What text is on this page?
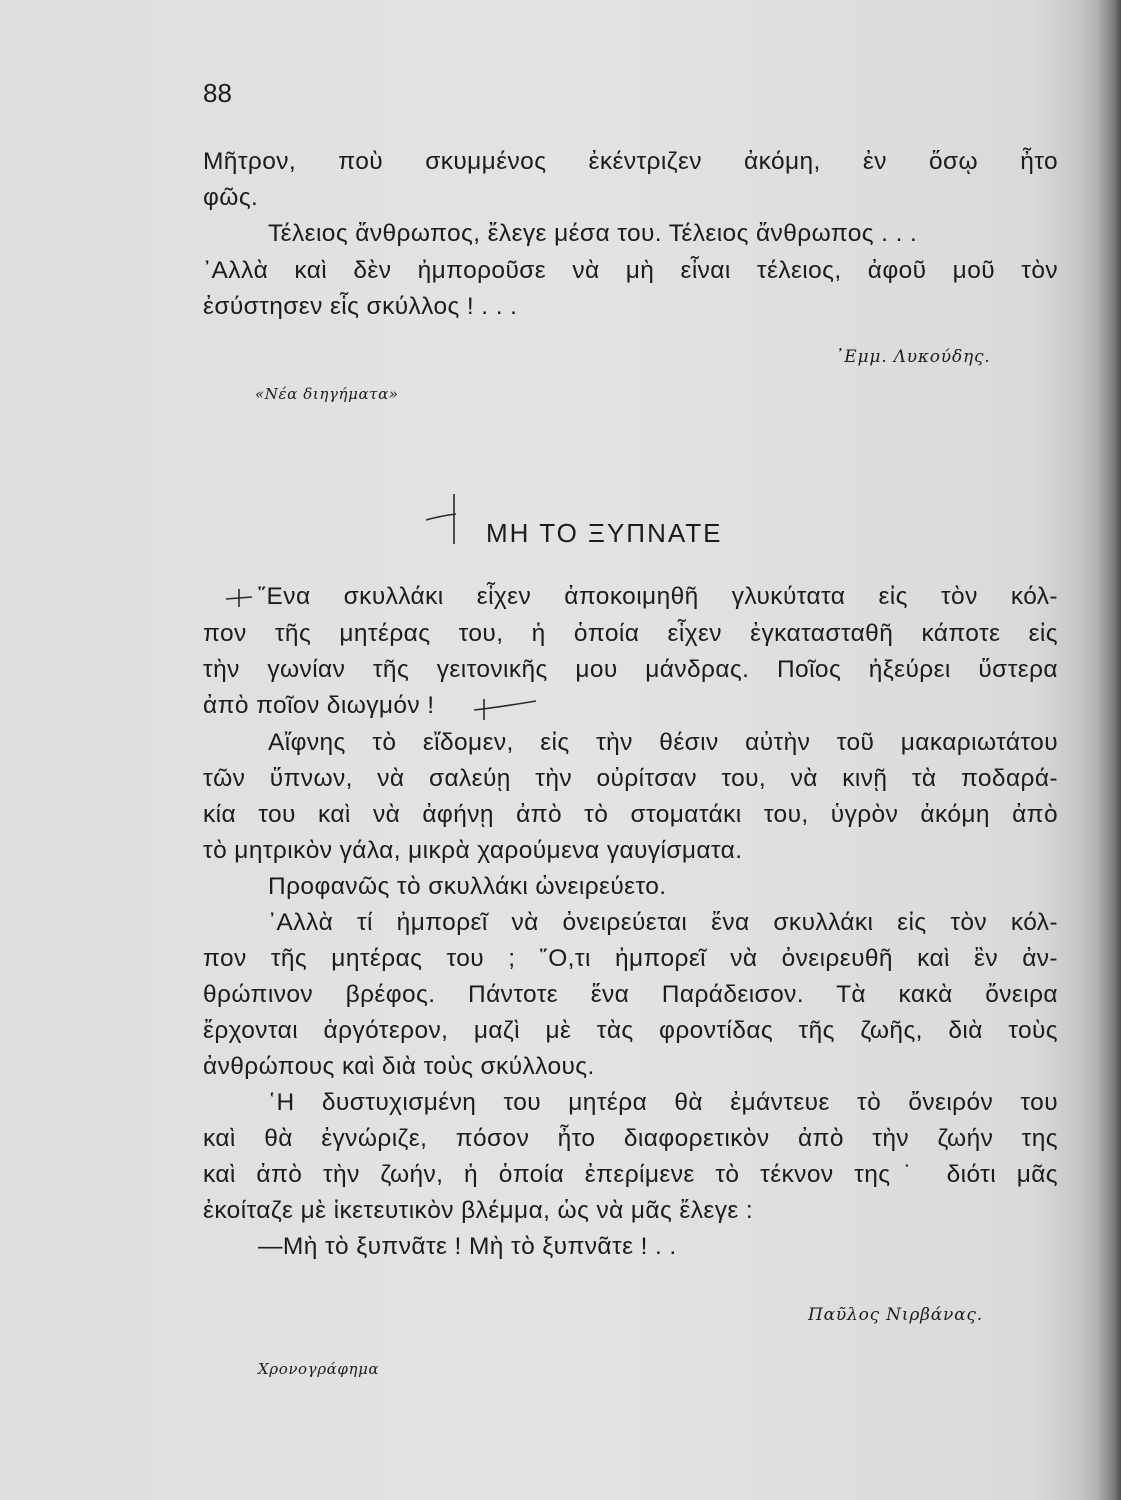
88
Μῆτρον, ποὺ σκυμμένος ἐκέντριζεν ἀκόμη, ἐν ὅσῳ ἦτο
φῶς.
Τέλειος ἄνθρωπος, ἔλεγε μέσα του. Τέλειος ἄνθρωπος . . .
᾿Αλλὰ καὶ δὲν ἠμποροῦσε νὰ μὴ εἶναι τέλειος, ἀφοῦ μοῦ τὸν
ἐσύστησεν εἷς σκύλλος ! . . .
᾿Εμμ. Λυκούδης.
«Νέα διηγήματα»
ΜΗ ΤΟ ΞΥΠΝΑΤΕ
῞Ενα σκυλλάκι εἶχεν ἀποκοιμηθῆ γλυκύτατα εἰς τὸν κόλ-
πον τῆς μητέρας του, ἡ ὁποία εἶχεν ἐγκατασταθῆ κάποτε εἰς
τὴν γωνίαν τῆς γειτονικῆς μου μάνδρας. Ποῖος ἠξεύρει ὕστερα
ἀπὸ ποῖον διωγμόν !
Αἴφνης τὸ εἴδομεν, εἰς τὴν θέσιν αὐτὴν τοῦ μακαριωτάτου
τῶν ὕπνων, νὰ σαλεύῃ τὴν οὐρίτσαν του, νὰ κινῇ τὰ ποδαρά-
κία του καὶ νὰ ἀφήνῃ ἀπὸ τὸ στοματάκι του, ὑγρὸν ἀκόμη ἀπὸ
τὸ μητρικὸν γάλα, μικρὰ χαρούμενα γαυγίσματα.
Προφανῶς τὸ σκυλλάκι ὠνειρεύετο.
᾿Αλλὰ τί ἠμπορεῖ νὰ ὀνειρεύεται ἕνα σκυλλάκι εἰς τὸν κόλ-
πον τῆς μητέρας του ; ῞Ο,τι ἠμπορεῖ νὰ ὀνειρευθῆ καὶ ἓν ἀν-
θρώπινον βρέφος. Πάντοτε ἕνα Παράδεισον. Τὰ κακὰ ὄνειρα
ἔρχονται ἀργότερον, μαζὶ μὲ τὰς φροντίδας τῆς ζωῆς, διὰ τοὺς
ἀνθρώπους καὶ διὰ τοὺς σκύλλους.
῾Η δυστυχισμένη του μητέρα θὰ ἐμάντευε τὸ ὄνειρόν του
καὶ θὰ ἐγνώριζε, πόσον ἦτο διαφορετικὸν ἀπὸ τὴν ζωήν της
καὶ ἀπὸ τὴν ζωήν, ἡ ὁποία ἐπερίμενε τὸ τέκνον της˙ διότι μᾶς
ἐκοίταζε μὲ ἱκετευτικὸν βλέμμα, ὡς νὰ μᾶς ἔλεγε :
—Μὴ τὸ ξυπνᾶτε ! Μὴ τὸ ξυπνᾶτε ! . .
Παῦλος Νιρβάνας.
Χρονογράφημα
